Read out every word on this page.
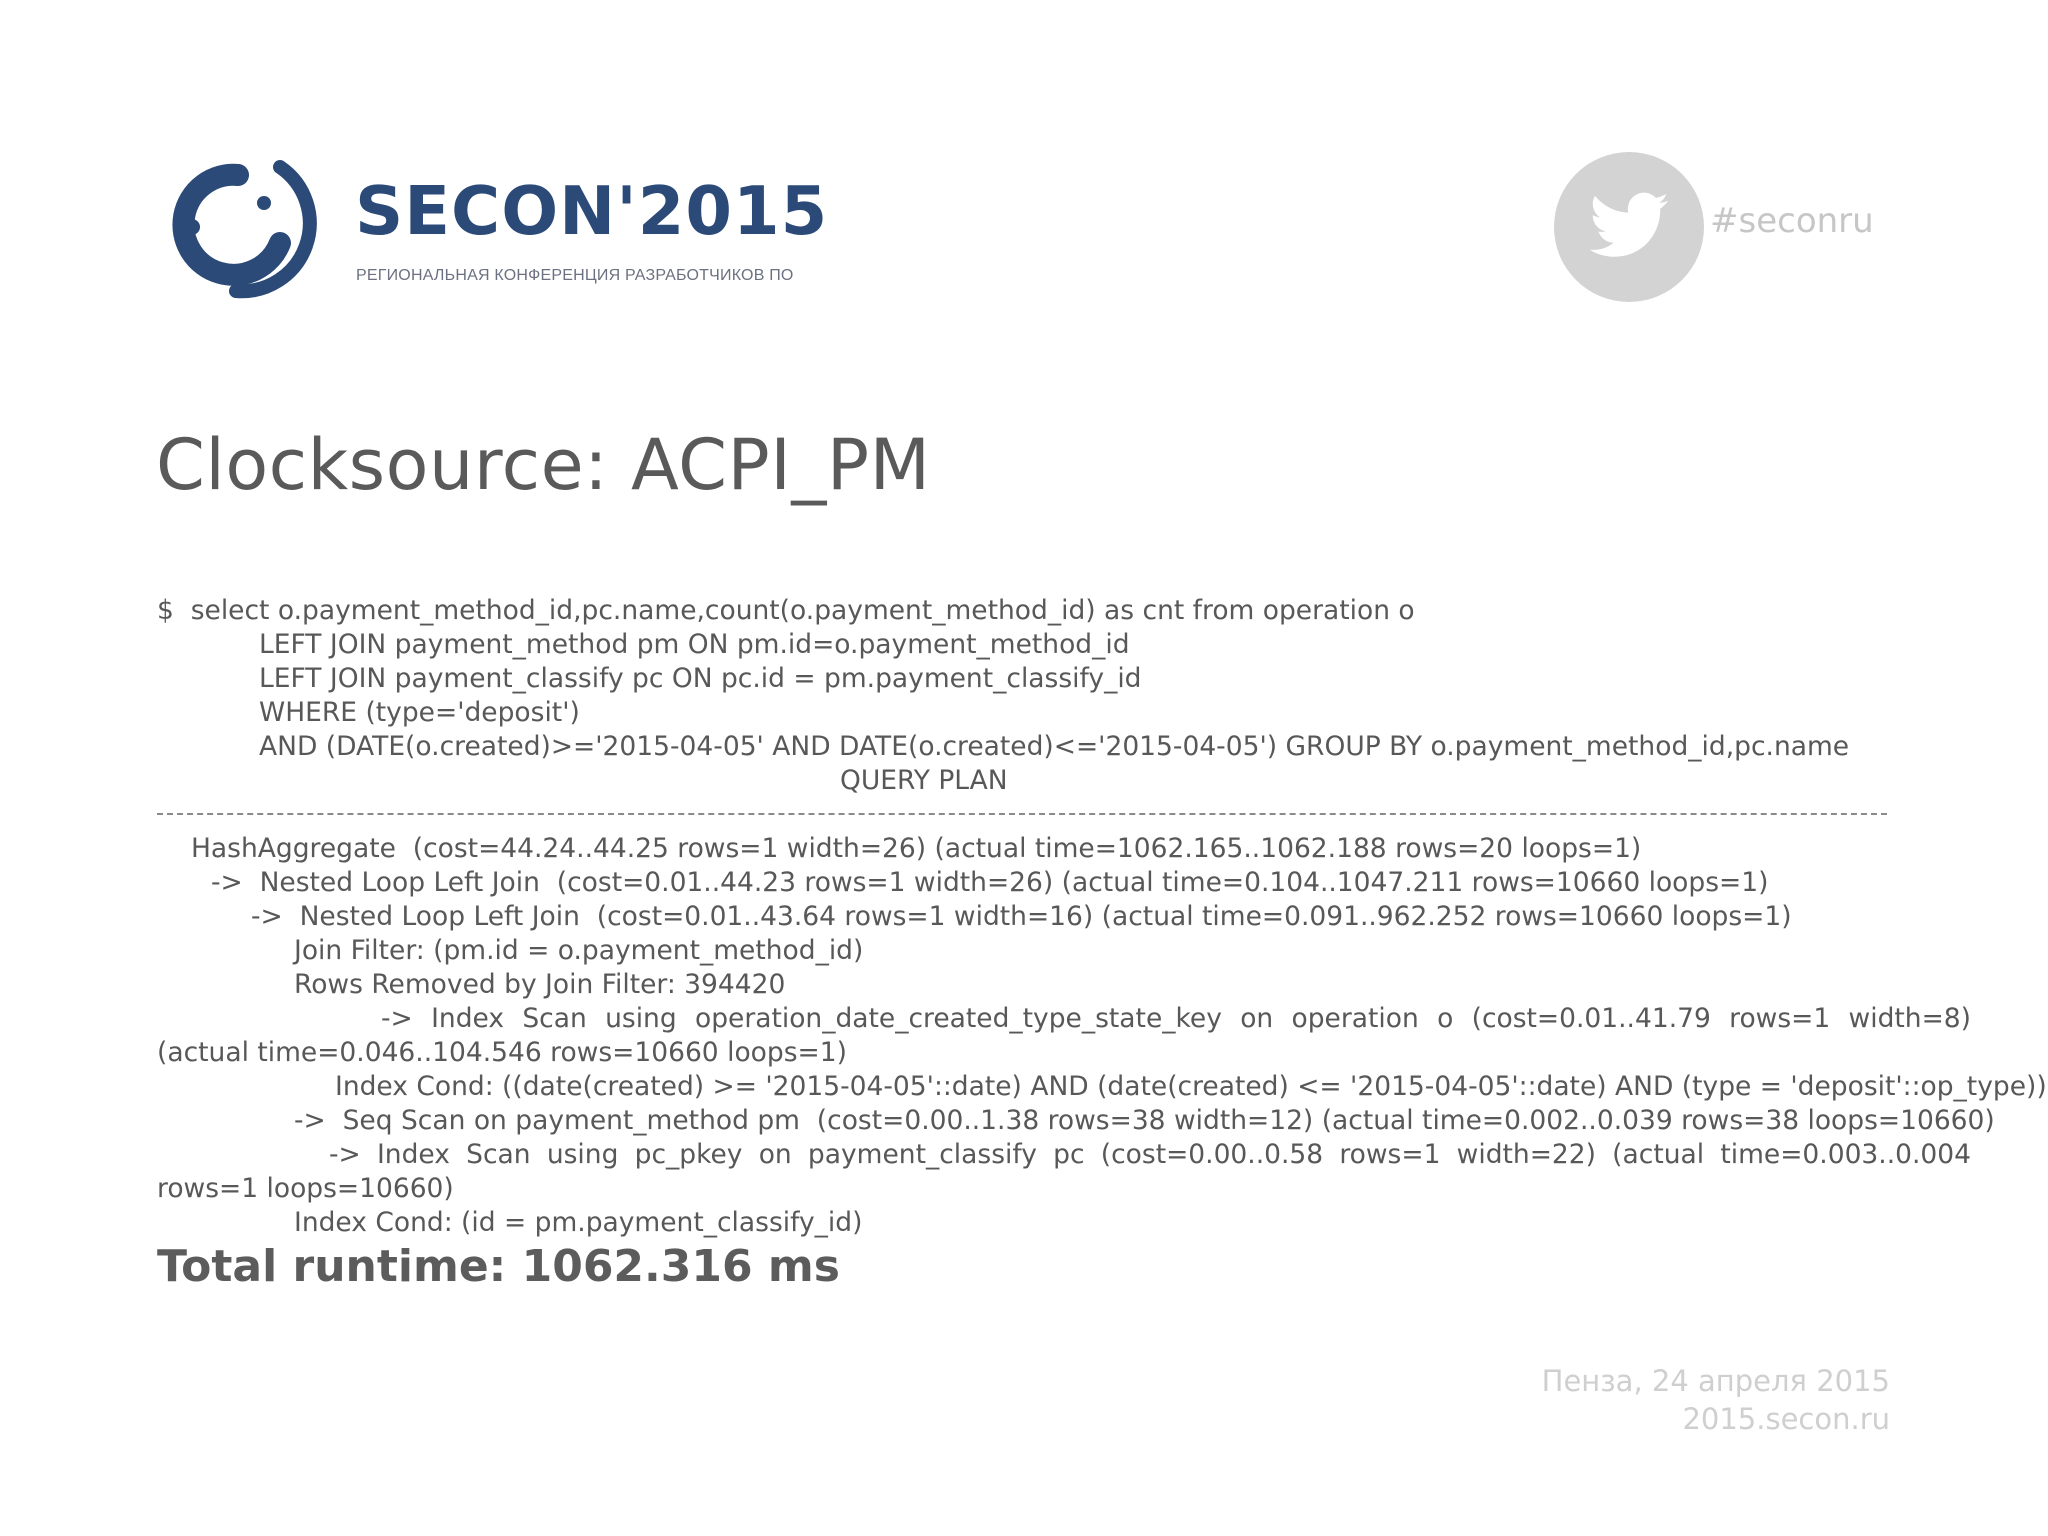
SECON'2015

РЕГИОНАЛЬНАЯ КОНФЕРЕНЦИЯ РАЗРАБОТЧИКОВ ПО

#seconru

Clocksource: ACPI_PM
$  select o.payment_method_id,pc.name,count(o.payment_method_id) as cnt from operation o
LEFT JOIN payment_method pm ON pm.id=o.payment_method_id
LEFT JOIN payment_classify pc ON pc.id = pm.payment_classify_id
WHERE (type='deposit')
AND (DATE(o.created)>='2015-04-05' AND DATE(o.created)<='2015-04-05') GROUP BY o.payment_method_id,pc.name
QUERY PLAN
HashAggregate  (cost=44.24..44.25 rows=1 width=26) (actual time=1062.165..1062.188 rows=20 loops=1)
->  Nested Loop Left Join  (cost=0.01..44.23 rows=1 width=26) (actual time=0.104..1047.211 rows=10660 loops=1)
->  Nested Loop Left Join  (cost=0.01..43.64 rows=1 width=16) (actual time=0.091..962.252 rows=10660 loops=1)
Join Filter: (pm.id = o.payment_method_id)
Rows Removed by Join Filter: 394420
-> Index Scan using operation_date_created_type_state_key on operation o (cost=0.01..41.79 rows=1 width=8) (actual time=0.046..104.546 rows=10660 loops=1)
Index Cond: ((date(created) >= '2015-04-05'::date) AND (date(created) <= '2015-04-05'::date) AND (type = 'deposit'::op_type))
->  Seq Scan on payment_method pm  (cost=0.00..1.38 rows=38 width=12) (actual time=0.002..0.039 rows=38 loops=10660)
-> Index Scan using pc_pkey on payment_classify pc (cost=0.00..0.58 rows=1 width=22) (actual time=0.003..0.004 rows=1 loops=10660)
Index Cond: (id = pm.payment_classify_id)

Total runtime: 1062.316 ms

Пенза, 24 апреля 2015
2015.secon.ru
